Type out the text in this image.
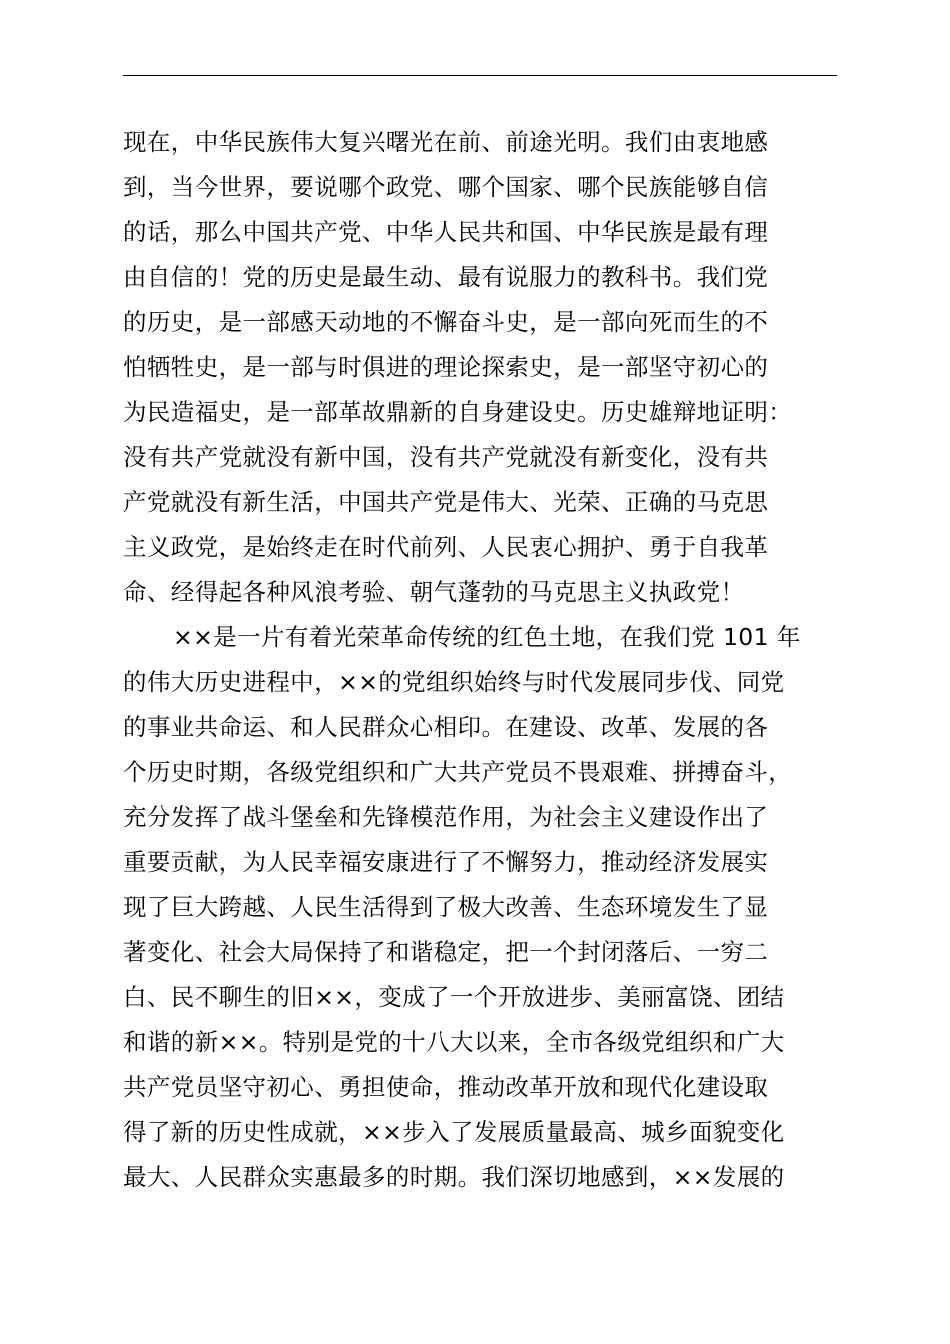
现在，中华民族伟大复兴曙光在前、前途光明。我们由衷地感
到，当今世界，要说哪个政党、哪个国家、哪个民族能够自信
的话，那么中国共产党、中华人民共和国、中华民族是最有理
由自信的！党的历史是最生动、最有说服力的教科书。我们党
的历史，是一部感天动地的不懈奋斗史，是一部向死而生的不
怕牺牲史，是一部与时俱进的理论探索史，是一部坚守初心的
为民造福史，是一部革故鼎新的自身建设史。历史雄辩地证明：
没有共产党就没有新中国，没有共产党就没有新变化，没有共
产党就没有新生活，中国共产党是伟大、光荣、正确的马克思
主义政党，是始终走在时代前列、人民衷心拥护、勇于自我革
命、经得起各种风浪考验、朝气蓬勃的马克思主义执政党！
××是一片有着光荣革命传统的红色土地，在我们党 101 年
的伟大历史进程中，××的党组织始终与时代发展同步伐、同党
的事业共命运、和人民群众心相印。在建设、改革、发展的各
个历史时期，各级党组织和广大共产党员不畏艰难、拼搏奋斗，
充分发挥了战斗堡垒和先锋模范作用，为社会主义建设作出了
重要贡献，为人民幸福安康进行了不懈努力，推动经济发展实
现了巨大跨越、人民生活得到了极大改善、生态环境发生了显
著变化、社会大局保持了和谐稳定，把一个封闭落后、一穷二
白、民不聊生的旧××，变成了一个开放进步、美丽富饶、团结
和谐的新××。特别是党的十八大以来，全市各级党组织和广大
共产党员坚守初心、勇担使命，推动改革开放和现代化建设取
得了新的历史性成就，××步入了发展质量最高、城乡面貌变化
最大、人民群众实惠最多的时期。我们深切地感到，××发展的
